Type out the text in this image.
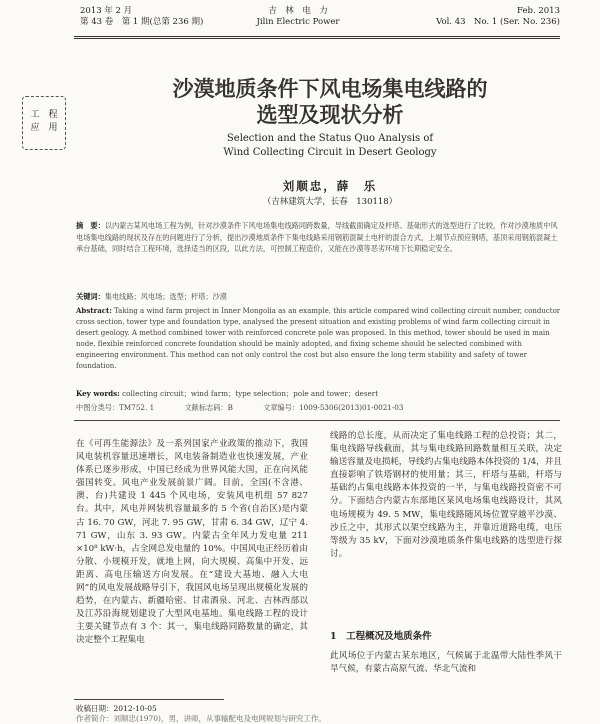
2013 年 2 月
第 43 卷　第 1 期(总第 236 期)
吉　林　电　力
Jilin Electric Power
Feb. 2013
Vol. 43　No. 1 (Ser. No. 236)
工　程
应　用
沙漠地质条件下风电场集电线路的
选型及现状分析
Selection and the Status Quo Analysis of
Wind Collecting Circuit in Desert Geology
刘顺忠，薛　乐
（吉林建筑大学，长春　130118）
摘　要：以内蒙古某风电场工程为例，针对沙漠条件下风电场集电线路同跨数量，导线截面确定及杆塔、基础形式的选型进行了比较，作对沙漠地质中风电场集电线路的现状及存在的问题进行了分析，提出沙漠地质条件下集电线路采用钢筋混凝土电杆的混合方式，上端节点预应钢塔，基顶采用钢筋混凝土承台基础，同时结合工程环境，选择适当的区段，以此方法，可控制工程造价，又能在沙漠等恶劣环境下长期稳定安全。
关键词：集电线路；风电场；选型；杆塔；沙漠
Abstract: Taking a wind farm project in Inner Mongolia as an example, this article compared wind collecting circuit number, conductor cross section, tower type and foundation type, analysed the present situation and existing problems of wind farm collecting circuit in desert geology. A method combined tower with reinforced concrete pole was proposed. In this method, tower should be used in main node, flexible reinforced concrete foundation should be mainly adopted, and fixing scheme should be selected combined with engineering environment. This method can not only control the cost but also ensure the long term stability and safety of tower foundation.
Key words: collecting circuit；wind farm；type selection；pole and tower；desert
中图分类号：TM752. 1	文献标志码：B	文章编号：1009-5306(2013)01-0021-03
在《可再生能源法》及一系列国家产业政策的推动下，我国风电装机容量迅速增长，风电装备制造业也快速发展，产业体系已逐步形成，中国已经成为世界风能大国，正在向风能强国转变。风电产业发展前景广阔。目前，全国(不含港、澳、台)共建设 1 445 个风电场，安装风电机组 57 827 台。其中，风电并网装机容量最多的 5 个省(自治区)是内蒙古 16. 70 GW，河北 7. 95 GW，甘肃 6. 34 GW，辽宁 4. 71 GW，山东 3. 93 GW。内蒙古全年风力发电量 211 ×10⁸ kW·h，占全网总发电量的 10%。中国风电正经历着由分散、小规模开发，就地上网，向大规模、高集中开发、远距离、高电压输送方向发展。在“建设大基地、融入大电网”的风电发展战略导引下，我国风电场呈现出规模化发展的趋势，在内蒙古、新疆哈密、甘肃酒泉、河北、吉林西部以及江苏沿海规划建设了大型风电基地。集电线路工程的设计主要关键节点有 3 个：其一，集电线路同路数量的确定，其决定整个工程集电
线路的总长度，从而决定了集电线路工程的总投资；其二，集电线路导线截面，其与集电线路回路数量相互关联，决定输送容量及电损耗，导线约占集电线路本体投资的 1/4，并且直接影响了铁塔钢材的使用量；其三，杆塔与基础，杆塔与基础约占集电线路本体投资的一半，与集电线路投资密不可分。下面结合内蒙古东部地区某风电场集电线路设计，其风电场规模为 49. 5 MW，集电线路随风场位置穿越平沙漠、沙丘之中，其形式以架空线路为主，并靠近道路电缆，电压等级为 35 kV，下面对沙漠地质条件集电线路的选型进行探讨。
1　工程概况及地质条件
此风场位于内蒙古某东地区，气候属于北温带大陆性季风干旱气候，有蒙古高原气流、华北气流和
收稿日期：2012-10-05
作者简介：刘顺忠(1970)，男，讲师，从事输配电及电网规划与研究工作。
